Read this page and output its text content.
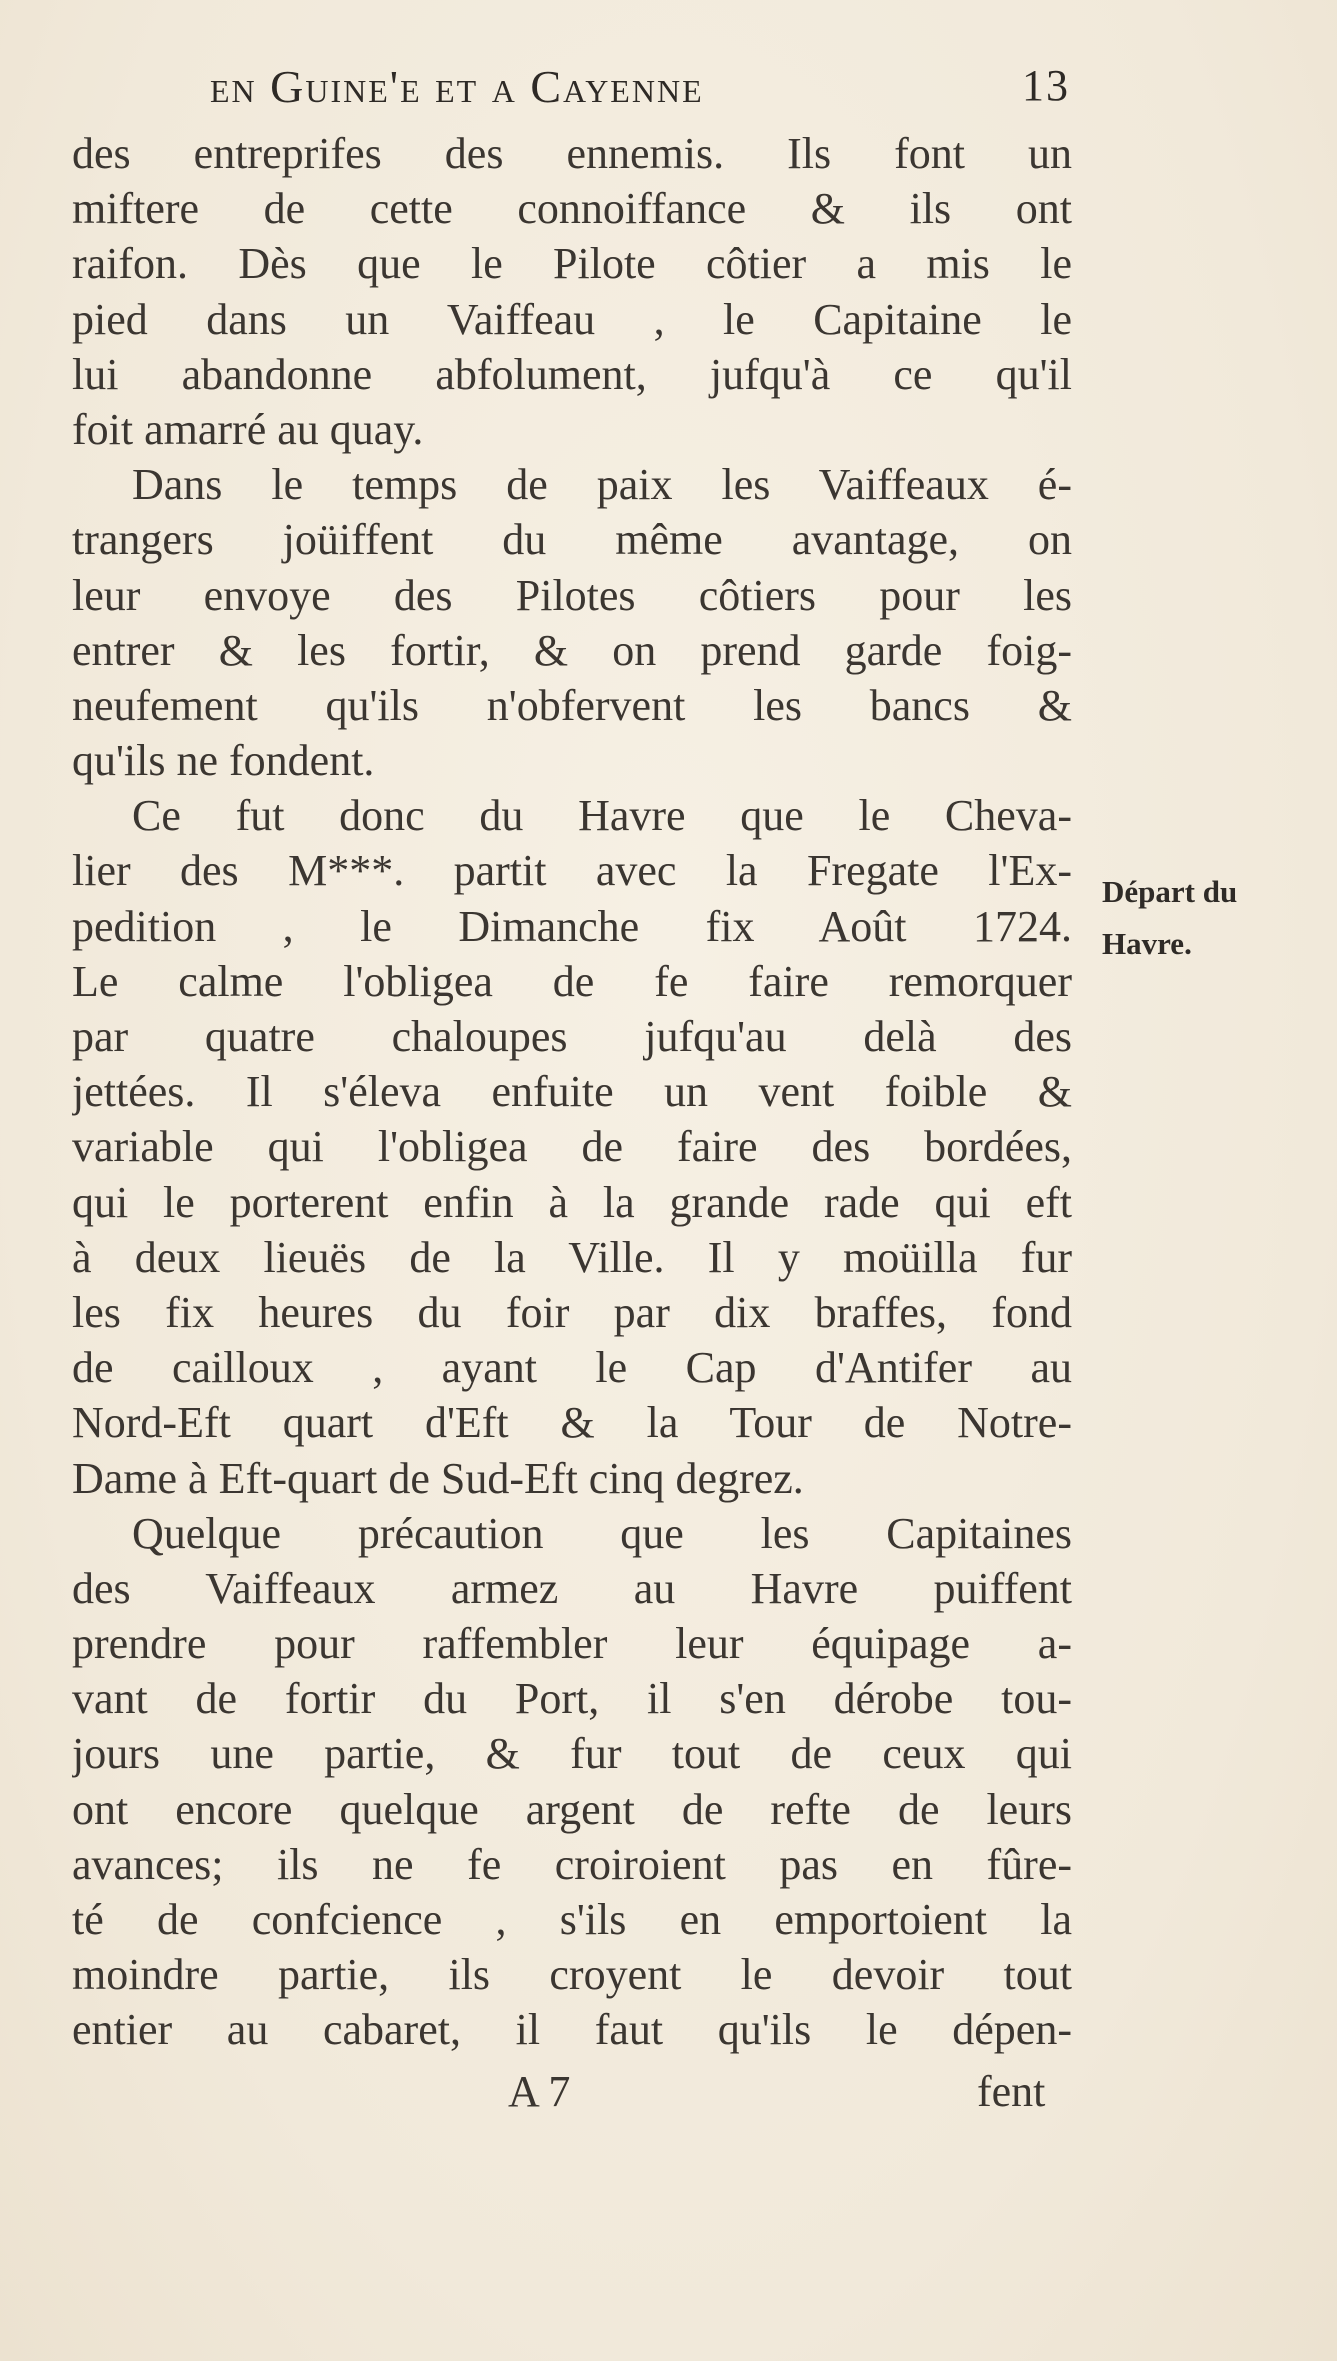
en Guine'e et a Cayenne	13
des entreprifes des ennemis. Ils font un
miftere de cette connoiffance & ils ont
raifon. Dès que le Pilote côtier a mis le
pied dans un Vaiffeau , le Capitaine le
lui abandonne abfolument, jufqu'à ce qu'il
foit amarré au quay.
Dans le temps de paix les Vaiffeaux é-
trangers joüiffent du même avantage, on
leur envoye des Pilotes côtiers pour les
entrer & les fortir, & on prend garde foig-
neufement qu'ils n'obfervent les bancs &
qu'ils ne fondent.
Ce fut donc du Havre que le Cheva-
lier des M***. partit avec la Fregate l'Ex-
pedition , le Dimanche fix Août 1724.
Le calme l'obligea de fe faire remorquer
par quatre chaloupes jufqu'au delà des
jettées. Il s'éleva enfuite un vent foible &
variable qui l'obligea de faire des bordées,
qui le porterent enfin à la grande rade qui eft
à deux lieuës de la Ville. Il y moüilla fur
les fix heures du foir par dix braffes, fond
de cailloux , ayant le Cap d'Antifer au
Nord-Eft quart d'Eft & la Tour de Notre-
Dame à Eft-quart de Sud-Eft cinq degrez.
Quelque précaution que les Capitaines
des Vaiffeaux armez au Havre puiffent
prendre pour raffembler leur équipage a-
vant de fortir du Port, il s'en dérobe tou-
jours une partie, & fur tout de ceux qui
ont encore quelque argent de refte de leurs
avances; ils ne fe croiroient pas en fûre-
té de confcience , s'ils en emportoient la
moindre partie, ils croyent le devoir tout
entier au cabaret, il faut qu'ils le dépen-
Départ du
Havre.
A 7	fent
